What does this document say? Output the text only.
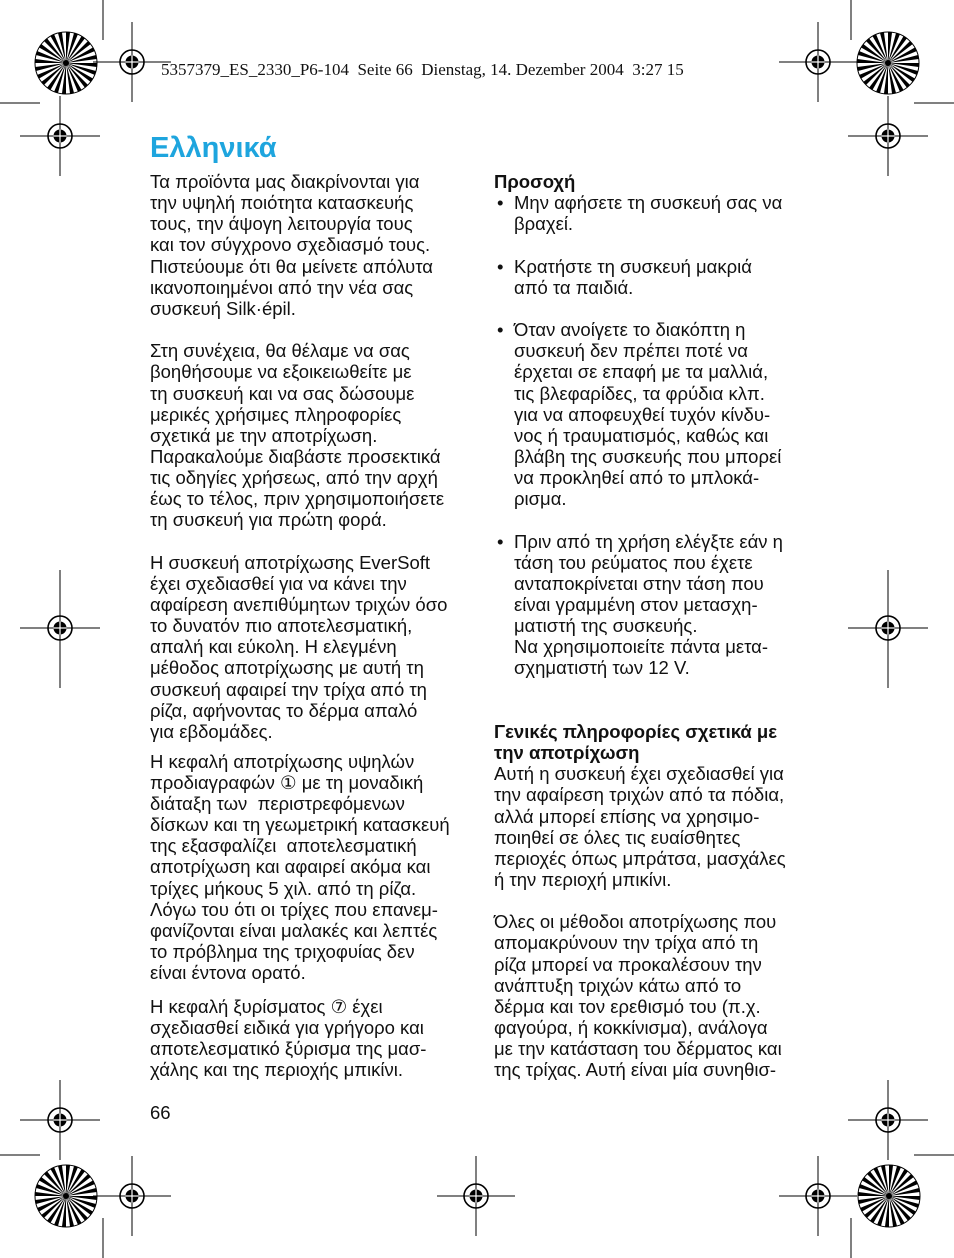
5357379_ES_2330_P6-104  Seite 66  Dienstag, 14. Dezember 2004  3:27 15
Ελληνικά

Τα προϊόντα μας διακρίνονται για
την υψηλή ποιότητα κατασκευής
τους, την άψογη λειτουργία τους
και τον σύγχρονο σχεδιασμό τους.
Πιστεύουμε ότι θα μείνετε απόλυτα
ικανοποιημένοι από την νέα σας
συσκευή Silk·épil.

Στη συνέχεια, θα θέλαμε να σας
βοηθήσουμε να εξοικειωθείτε με
τη συσκευή και να σας δώσουμε
μερικές χρήσιμες πληροφορίες
σχετικά με την αποτρίχωση.
Παρακαλούμε διαβάστε προσεκτικά
τις οδηγίες χρήσεως, από την αρχή
έως το τέλος, πριν χρησιμοποιήσετε
τη συσκευή για πρώτη φορά.

Η συσκευή αποτρίχωσης EverSoft
έχει σχεδιασθεί για να κάνει την
αφαίρεση ανεπιθύμητων τριχών όσο
το δυνατόν πιο αποτελεσματική,
απαλή και εύκολη. Η ελεγμένη
μέθοδος αποτρίχωσης με αυτή τη
συσκευή αφαιρεί την τρίχα από τη
ρίζα, αφήνοντας το δέρμα απαλό
για εβδομάδες.

Η κεφαλή αποτρίχωσης υψηλών
προδιαγραφών ① με τη μοναδική
διάταξη των  περιστρεφόμενων
δίσκων και τη γεωμετρική κατασκευή
της εξασφαλίζει  αποτελεσματική
αποτρίχωση και αφαιρεί ακόμα και
τρίχες μήκους 5 χιλ. από τη ρίζα.
Λόγω του ότι οι τρίχες που επανεμ-
φανίζονται είναι μαλακές και λεπτές
το πρόβλημα της τριχοφυίας δεν
είναι έντονα ορατό.

Η κεφαλή ξυρίσματος ⑦ έχει
σχεδιασθεί ειδικά για γρήγορο και
αποτελεσματικό ξύρισμα της μασ-
χάλης και της περιοχής μπικίνι.

66
Προσοχή
• Μην αφήσετε τη συσκευή σας να
βραχεί.
• Κρατήστε τη συσκευή μακριά
από τα παιδιά.
• Όταν ανοίγετε το διακόπτη η
συσκευή δεν πρέπει ποτέ να
έρχεται σε επαφή με τα μαλλιά,
τις βλεφαρίδες, τα φρύδια κλπ.
για να αποφευχθεί τυχόν κίνδυ-
νος ή τραυματισμός, καθώς και
βλάβη της συσκευής που μπορεί
να προκληθεί από το μπλοκά-
ρισμα.
• Πριν από τη χρήση ελέγξτε εάν η
τάση του ρεύματος που έχετε
ανταποκρίνεται στην τάση που
είναι γραμμένη στον μετασχη-
ματιστή της συσκευής.
Να χρησιμοποιείτε πάντα μετα-
σχηματιστή των 12 V.
Γενικές πληροφορίες σχετικά με
την αποτρίχωση

Αυτή η συσκευή έχει σχεδιασθεί για
την αφαίρεση τριχών από τα πόδια,
αλλά μπορεί επίσης να χρησιμο-
ποιηθεί σε όλες τις ευαίσθητες
περιοχές όπως μπράτσα, μασχάλες
ή την περιοχή μπικίνι.

Όλες οι μέθοδοι αποτρίχωσης που
απομακρύνουν την τρίχα από τη
ρίζα μπορεί να προκαλέσουν την
ανάπτυξη τριχών κάτω από το
δέρμα και τον ερεθισμό του (π.χ.
φαγούρα, ή κοκκίνισμα), ανάλογα
με την κατάσταση του δέρματος και
της τρίχας. Αυτή είναι μία συνηθισ-
